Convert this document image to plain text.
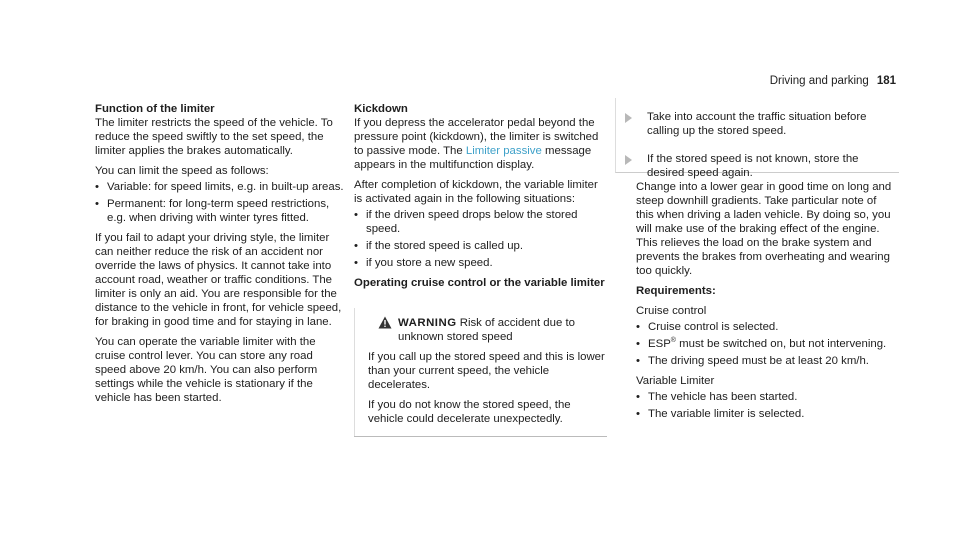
Driving and parking 181

Function of the limiter

The limiter restricts the speed of the vehicle. To reduce the speed swiftly to the set speed, the limiter applies the brakes automatically.

You can limit the speed as follows:

• Variable: for speed limits, e.g. in built-up areas.
• Permanent: for long-term speed restrictions, e.g. when driving with winter tyres fitted.

If you fail to adapt your driving style, the limiter can neither reduce the risk of an accident nor override the laws of physics. It cannot take into account road, weather or traffic conditions. The limiter is only an aid. You are responsible for the distance to the vehicle in front, for vehicle speed, for braking in good time and for staying in lane.

You can operate the variable limiter with the cruise control lever. You can store any road speed above 20 km/h. You can also perform settings while the vehicle is stationary if the vehicle has been started.

Kickdown

If you depress the accelerator pedal beyond the pressure point (kickdown), the limiter is switched to passive mode. The Limiter passive message appears in the multifunction display.

After completion of kickdown, the variable limiter is activated again in the following situations:

• if the driven speed drops below the stored speed.
• if the stored speed is called up.
• if you store a new speed.

Operating cruise control or the variable limiter

WARNING Risk of accident due to unknown stored speed

If you call up the stored speed and this is lower than your current speed, the vehicle decelerates.

If you do not know the stored speed, the vehicle could decelerate unexpectedly.

Take into account the traffic situation before calling up the stored speed.
If the stored speed is not known, store the desired speed again.

Change into a lower gear in good time on long and steep downhill gradients. Take particular note of this when driving a laden vehicle. By doing so, you will make use of the braking effect of the engine. This relieves the load on the brake system and prevents the brakes from overheating and wearing too quickly.

Requirements:

Cruise control

• Cruise control is selected.
• ESP® must be switched on, but not intervening.
• The driving speed must be at least 20 km/h.

Variable Limiter

• The vehicle has been started.
• The variable limiter is selected.
